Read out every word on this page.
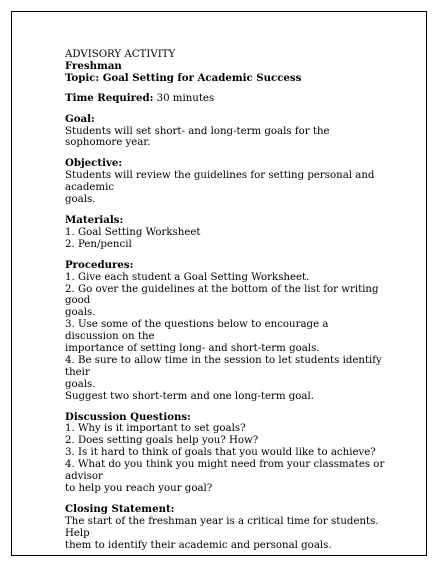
ADVISORY ACTIVITY

Freshman

Topic: Goal Setting for Academic Success

Time Required: 30 minutes

Goal:

Students will set short- and long-term goals for the sophomore year.

Objective:

Students will review the guidelines for setting personal and academic

goals.

Materials:

1. Goal Setting Worksheet

2. Pen/pencil

Procedures:

1. Give each student a Goal Setting Worksheet.

2. Go over the guidelines at the bottom of the list for writing good

goals.

3. Use some of the questions below to encourage a discussion on the

importance of setting long- and short-term goals.

4. Be sure to allow time in the session to let students identify their

goals.

Suggest two short-term and one long-term goal.

Discussion Questions:

1. Why is it important to set goals?

2. Does setting goals help you? How?

3. Is it hard to think of goals that you would like to achieve?

4. What do you think you might need from your classmates or advisor

to help you reach your goal?

Closing Statement:

The start of the freshman year is a critical time for students. Help

them to identify their academic and personal goals.
